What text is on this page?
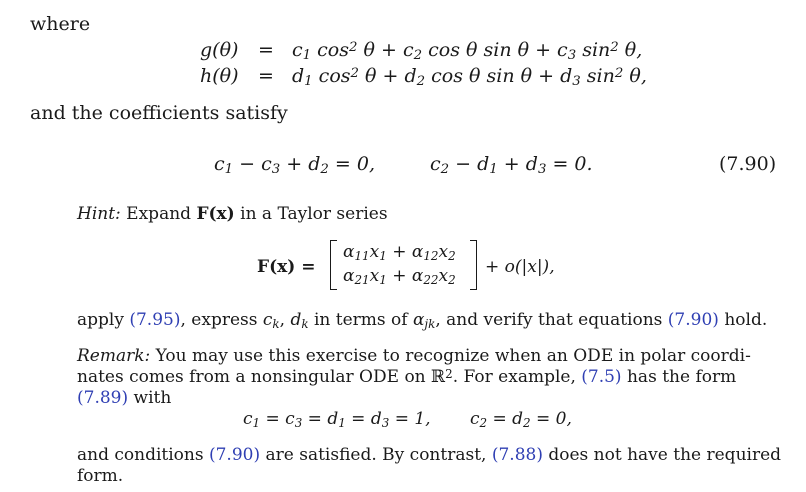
where
$g(\theta) = c_1$ $\cos^2 \theta + c_2$ cos θ $\sin \theta + c_3$ $\sin^2 \theta$,
$h(\theta) = d_1$ $\cos^2 \theta + d_2$ cos θ $\sin \theta + d_3$ $\sin^2 \theta$,
and the coefficients satisfy
$c_1 - c_3 + d_2 = 0$,	$c_2 - d_1 + d_3 = 0$.	(7.90)
Hint: Expand F(x) in a Taylor series
F(x) =
$\alpha_{11}x_1 + \alpha_{12}x_2$
$\alpha_{21}x_1 + \alpha_{22}x_2$
+ o(|x|),
apply (7.95), express $c_k$, $d_k$ in terms of $\alpha_{jk}$, and verify that equations (7.90) hold.
Remark: You may use this exercise to recognize when an ODE in polar coordi-
nates comes from a nonsingular ODE on ℝ$^2$. For example, (7.5) has the form
(7.89) with
$c_1 = c_3 = d_1 = d_3 = 1$, $c_2 = d_2 = 0$,
and conditions (7.90) are satisfied. By contrast, (7.88) does not have the required
form.
